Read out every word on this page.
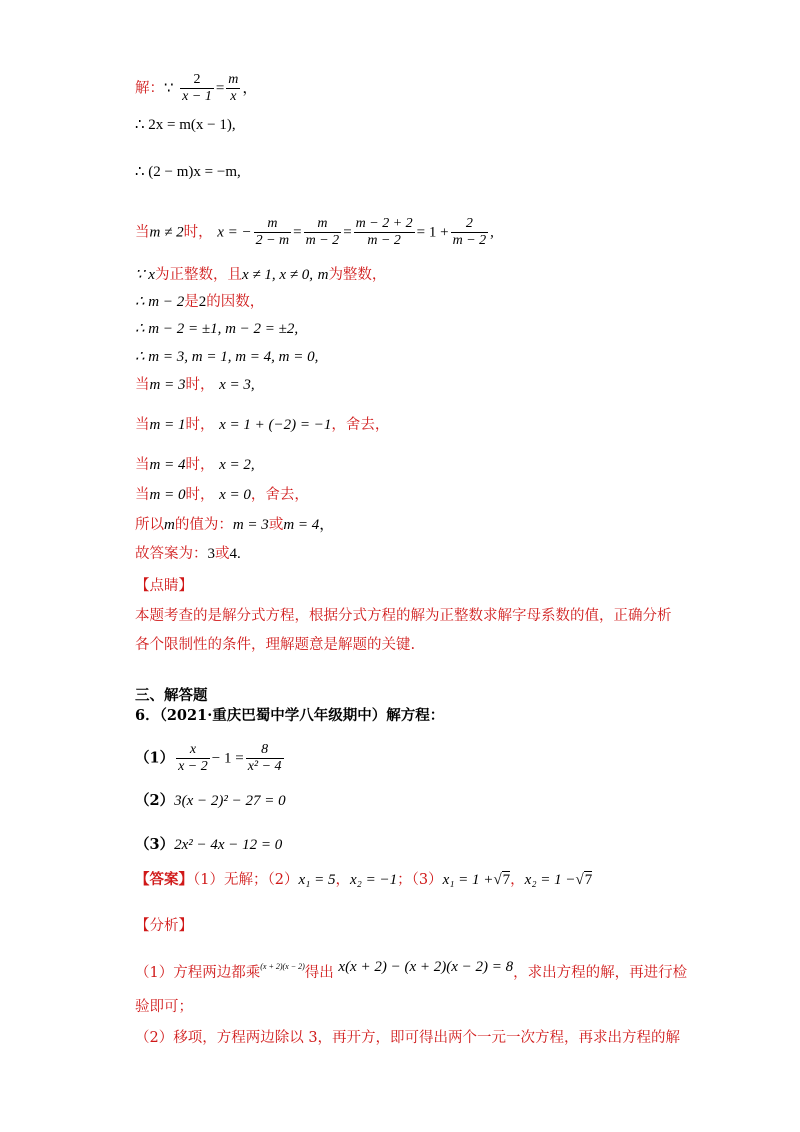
解：∵ $\frac{2}{x - 1} = \frac{m}{x}$ ，
∴ 2x = m(x − 1),
∴ (2 − m)x = −m,
当m ≠ 2时， x = − $\frac{m}{2 - m} = \frac{m}{m - 2} = \frac{m - 2 + 2}{m - 2} = 1 + \frac{2}{m - 2}$ ,
∵ x为正整数，且x ≠ 1, x ≠ 0, m为整数，
∴ m − 2是2的因数，
∴ m − 2 = ±1, m − 2 = ±2,
∴ m = 3, m = 1, m = 4, m = 0,
当m = 3时， x = 3,
当m = 1时， x = 1 + (−2) = −1，舍去，
当m = 4时， x = 2,
当m = 0时， x = 0，舍去，
所以m的值为：m = 3或m = 4，
故答案为：3或4.
【点睛】
本题考查的是解分式方程，根据分式方程的解为正整数求解字母系数的值，正确分析
各个限制性的条件，理解题意是解题的关键.
三、解答题
6．（2021·重庆巴蜀中学八年级期中）解方程：
$(1) \frac{x}{x - 2} - 1 = \frac{8}{\text{x² − 4}}$
（2）3(x − 2)² − 27 = 0
（3）2x² − 4x − 12 = 0
【答案】（1）无解；（2）x₁ = 5，x₂ = −1；（3）x₁ = 1 +√7，x₂ = 1 −√7
【分析】
（1）方程两边都乘$^{(x + 2)(x - 2)}$得出 x(x + 2) − (x + 2)(x − 2) = 8，求出方程的解，再进行检
验即可；
（2）移项，方程两边除以 3，再开方，即可得出两个一元一次方程，再求出方程的解
